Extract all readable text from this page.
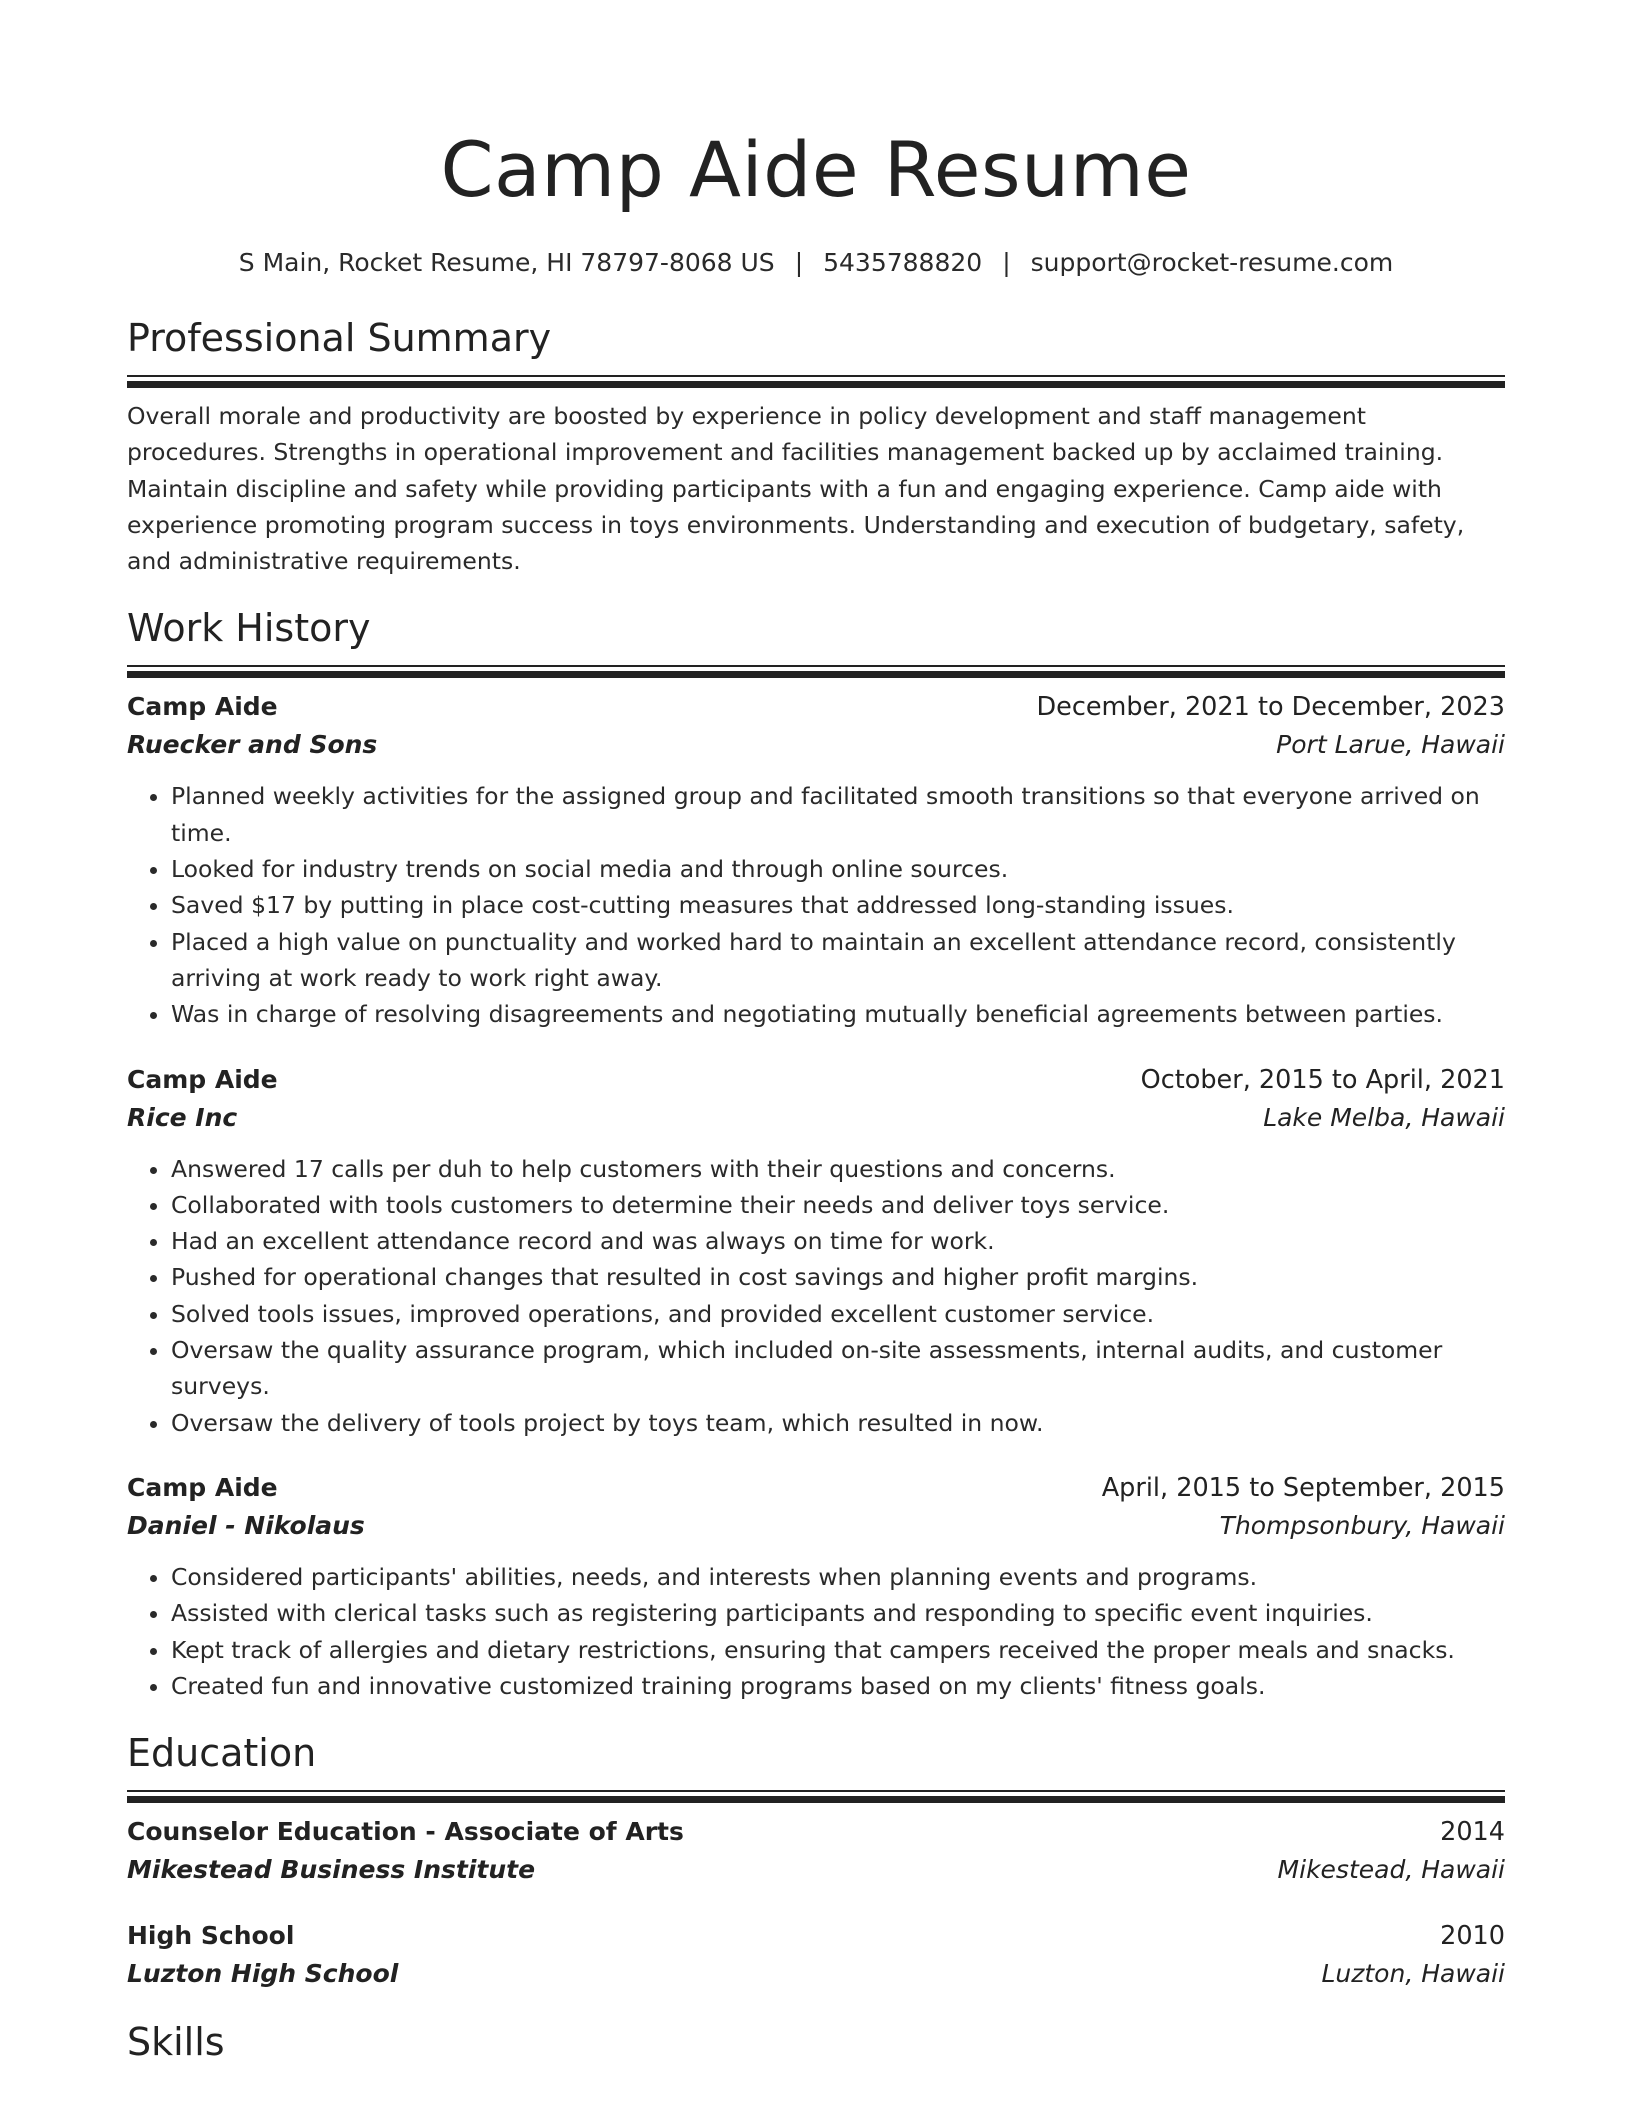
Camp Aide Resume
S Main, Rocket Resume, HI 78797-8068 US | 5435788820 | support@rocket-resume.com
Professional Summary
Overall morale and productivity are boosted by experience in policy development and staff management procedures. Strengths in operational improvement and facilities management backed up by acclaimed training. Maintain discipline and safety while providing participants with a fun and engaging experience. Camp aide with experience promoting program success in toys environments. Understanding and execution of budgetary, safety, and administrative requirements.
Work History
Camp Aide	December, 2021 to December, 2023
Ruecker and Sons	Port Larue, Hawaii
• Planned weekly activities for the assigned group and facilitated smooth transitions so that everyone arrived on time.
• Looked for industry trends on social media and through online sources.
• Saved $17 by putting in place cost-cutting measures that addressed long-standing issues.
• Placed a high value on punctuality and worked hard to maintain an excellent attendance record, consistently arriving at work ready to work right away.
• Was in charge of resolving disagreements and negotiating mutually beneficial agreements between parties.
Camp Aide	October, 2015 to April, 2021
Rice Inc	Lake Melba, Hawaii
• Answered 17 calls per duh to help customers with their questions and concerns.
• Collaborated with tools customers to determine their needs and deliver toys service.
• Had an excellent attendance record and was always on time for work.
• Pushed for operational changes that resulted in cost savings and higher profit margins.
• Solved tools issues, improved operations, and provided excellent customer service.
• Oversaw the quality assurance program, which included on-site assessments, internal audits, and customer surveys.
• Oversaw the delivery of tools project by toys team, which resulted in now.
Camp Aide	April, 2015 to September, 2015
Daniel - Nikolaus	Thompsonbury, Hawaii
• Considered participants' abilities, needs, and interests when planning events and programs.
• Assisted with clerical tasks such as registering participants and responding to specific event inquiries.
• Kept track of allergies and dietary restrictions, ensuring that campers received the proper meals and snacks.
• Created fun and innovative customized training programs based on my clients' fitness goals.
Education
Counselor Education - Associate of Arts	2014
Mikestead Business Institute	Mikestead, Hawaii
High School	2010
Luzton High School	Luzton, Hawaii
Skills
